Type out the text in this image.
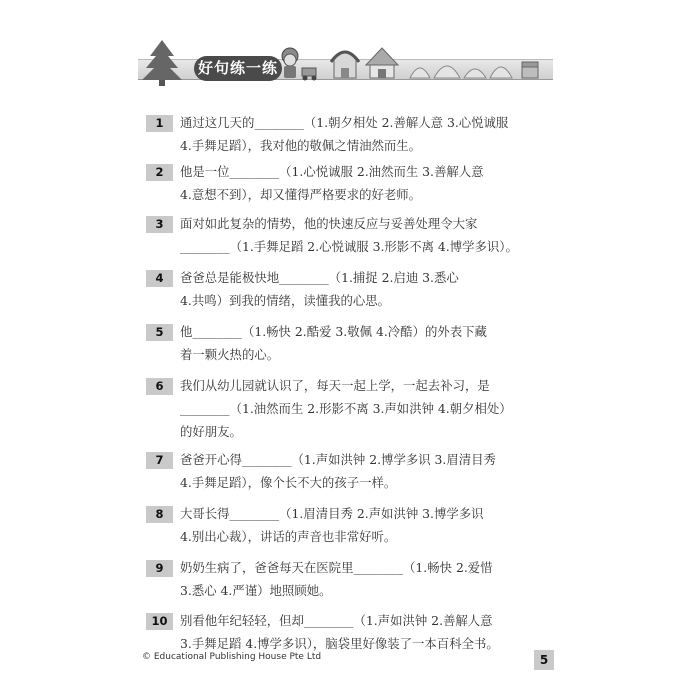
好句练一练
1	通过这几天的________（1.朝夕相处 2.善解人意 3.心悦诚服
4.手舞足蹈），我对他的敬佩之情油然而生。
2	他是一位________（1.心悦诚服 2.油然而生 3.善解人意
4.意想不到），却又懂得严格要求的好老师。
3	面对如此复杂的情势，他的快速反应与妥善处理令大家
________（1.手舞足蹈 2.心悦诚服 3.形影不离 4.博学多识）。
4	爸爸总是能极快地________（1.捕捉 2.启迪 3.悉心
4.共鸣）到我的情绪，读懂我的心思。
5	他________（1.畅快 2.酷爱 3.敬佩 4.冷酷）的外表下藏
着一颗火热的心。
6	我们从幼儿园就认识了，每天一起上学，一起去补习，是
________（1.油然而生 2.形影不离 3.声如洪钟 4.朝夕相处）
的好朋友。
7	爸爸开心得________（1.声如洪钟 2.博学多识 3.眉清目秀
4.手舞足蹈），像个长不大的孩子一样。
8	大哥长得________（1.眉清目秀 2.声如洪钟 3.博学多识
4.别出心裁），讲话的声音也非常好听。
9	奶奶生病了，爸爸每天在医院里________（1.畅快 2.爱惜
3.悉心 4.严谨）地照顾她。
10	别看他年纪轻轻，但却________（1.声如洪钟 2.善解人意
3.手舞足蹈 4.博学多识），脑袋里好像装了一本百科全书。
© Educational Publishing House Pte Ltd	5
